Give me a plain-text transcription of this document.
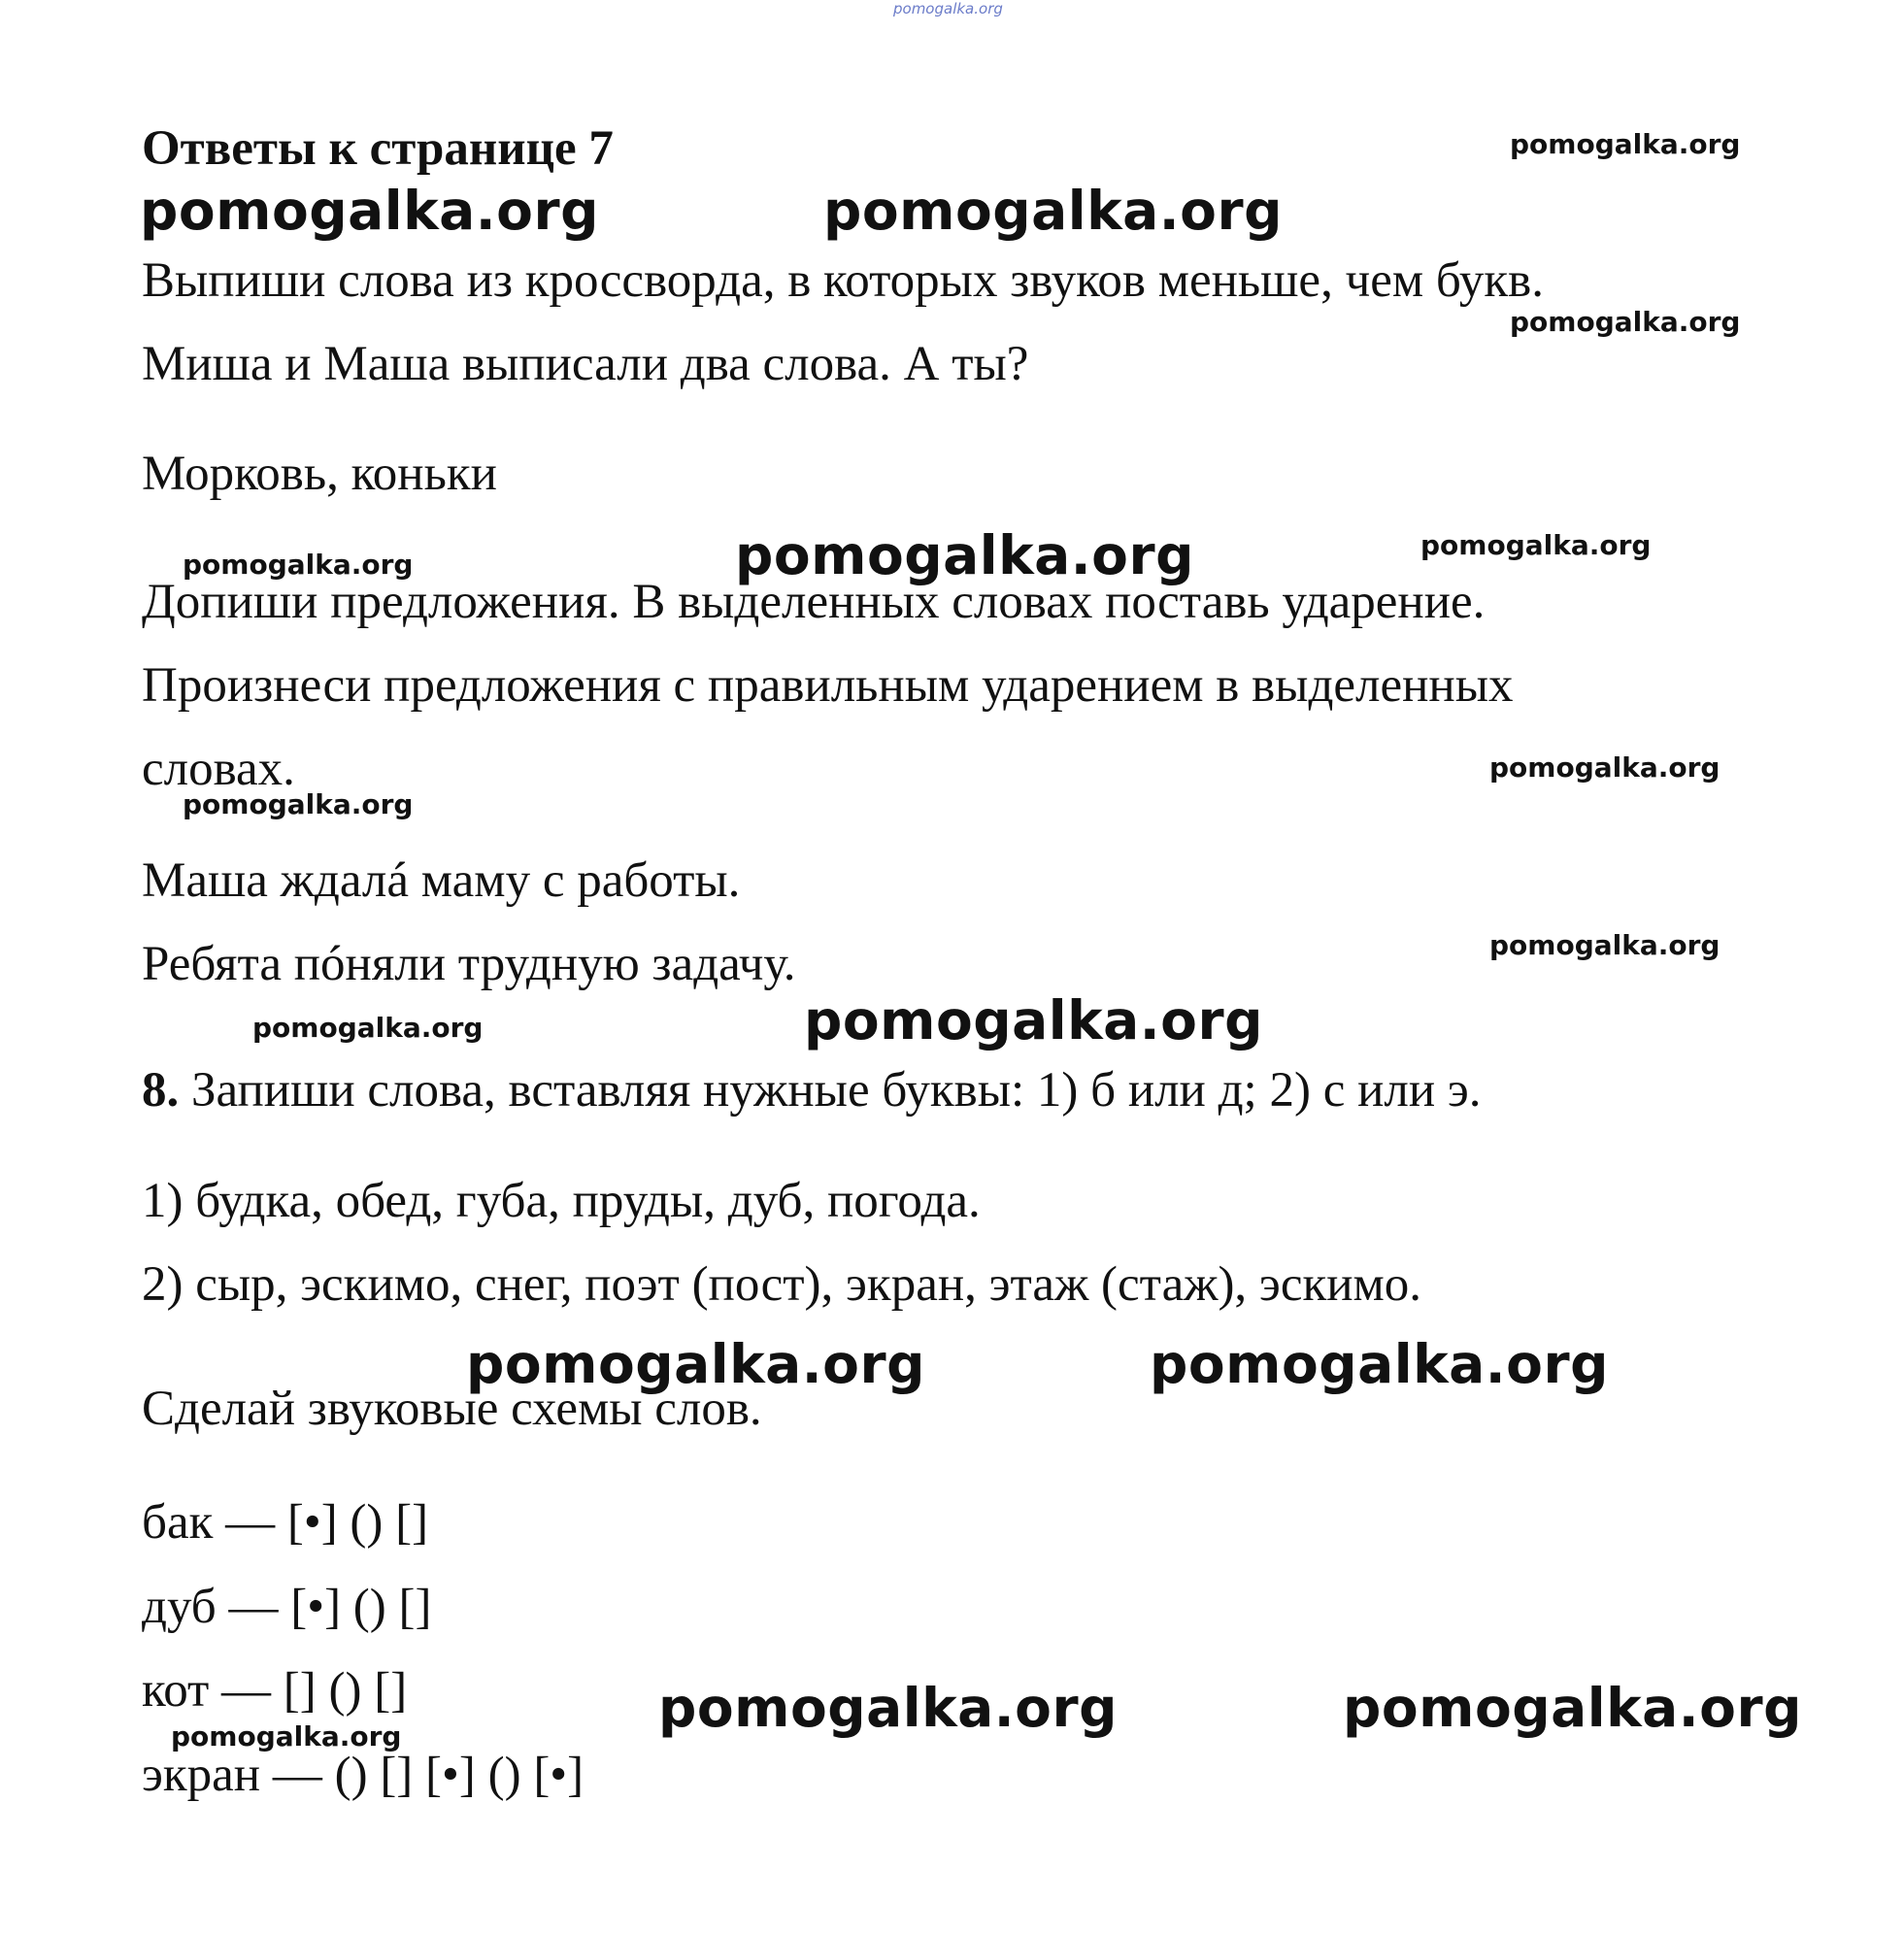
pomogalka.org
Ответы к странице 7	pomogalka.org
pomogalka.org	pomogalka.org
Выпиши слова из кроссворда, в которых звуков меньше, чем букв.
pomogalka.org
Миша и Маша выписали два слова. А ты?
Морковь, коньки
pomogalka.org	pomogalka.org	pomogalka.org
Допиши предложения. В выделенных словах поставь ударение.
Произнеси предложения с правильным ударением в выделенных
словах.	pomogalka.org
pomogalka.org
Маша ждалá маму с работы.
pomogalka.org
Ребята пóняли трудную задачу.
pomogalka.org	pomogalka.org
8. Запиши слова, вставляя нужные буквы: 1) б или д; 2) с или э.
1) будка, обед, губа, пруды, дуб, погода.
2) сыр, эскимо, снег, поэт (пост), экран, этаж (стаж), эскимо.
pomogalka.org	pomogalka.org
Сделай звуковые схемы слов.
бак — [•] () []
дуб — [•] () []
кот — [] () []	pomogalka.org	pomogalka.org
pomogalka.org
экран — () [] [•] () [•]
